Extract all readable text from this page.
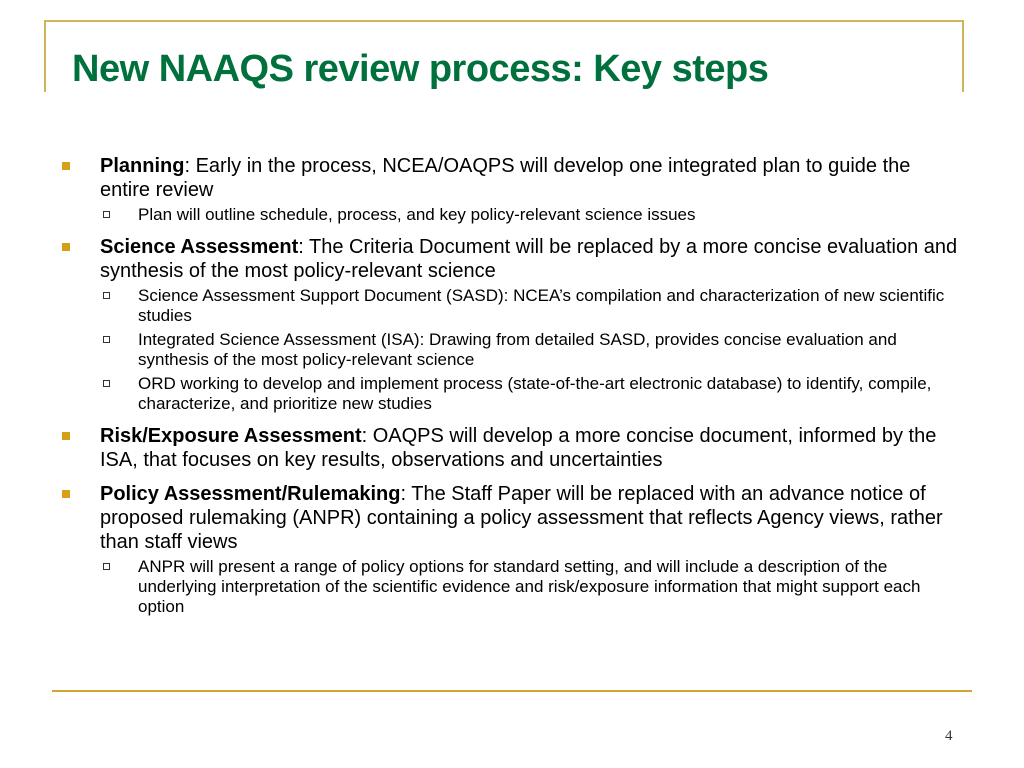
New NAAQS review process: Key steps
Planning: Early in the process, NCEA/OAQPS will develop one integrated plan to guide the entire review
Plan will outline schedule, process, and key policy-relevant science issues
Science Assessment: The Criteria Document will be replaced by a more concise evaluation and synthesis of the most policy-relevant science
Science Assessment Support Document (SASD): NCEA’s compilation and characterization of new scientific studies
Integrated Science Assessment (ISA): Drawing from detailed SASD, provides concise evaluation and synthesis of the most policy-relevant science
ORD working to develop and implement process (state-of-the-art electronic database) to identify, compile, characterize, and prioritize new studies
Risk/Exposure Assessment: OAQPS will develop a more concise document, informed by the ISA, that focuses on key results, observations and uncertainties
Policy Assessment/Rulemaking: The Staff Paper will be replaced with an advance notice of proposed rulemaking (ANPR) containing a policy assessment that reflects Agency views, rather than staff views
ANPR will present a range of policy options for standard setting, and will include a description of the underlying interpretation of the scientific evidence and risk/exposure information that might support each option
4
